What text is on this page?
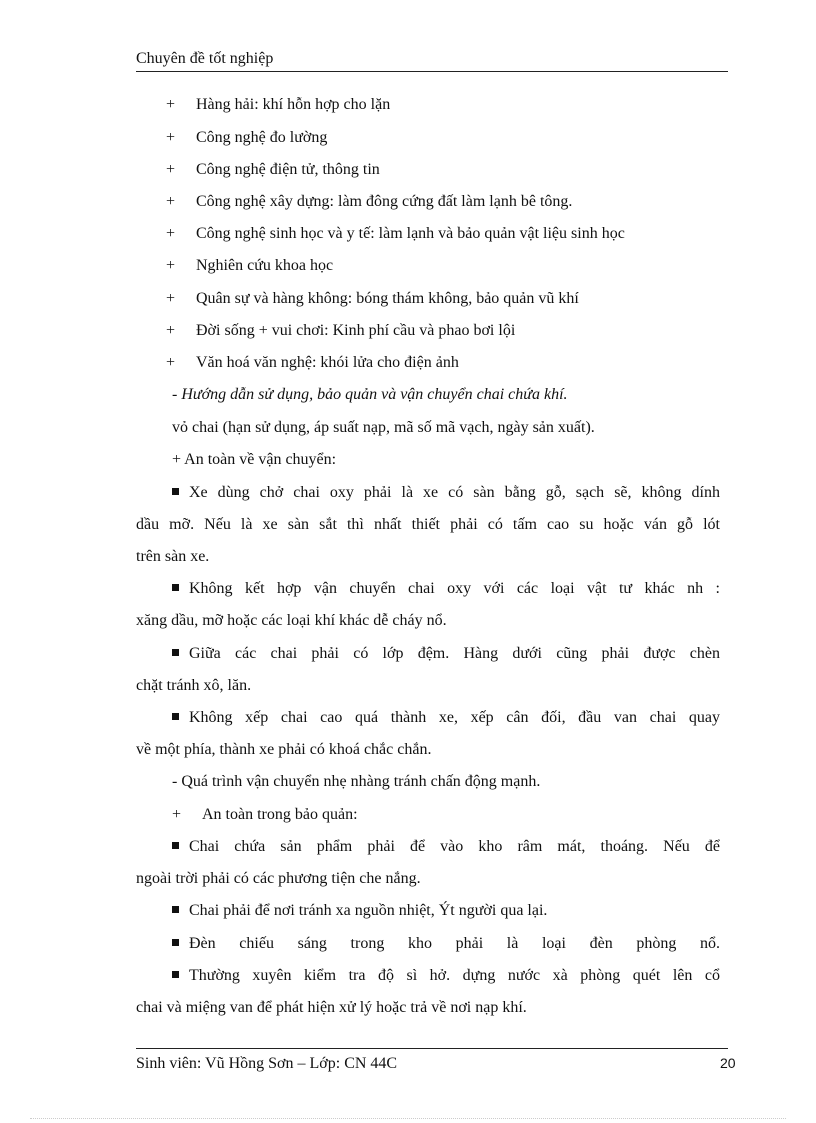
Chuyên đề tốt nghiệp
+ Hàng hải: khí hỗn hợp cho lặn
+ Công nghệ đo lường
+ Công nghệ điện tử, thông tin
+ Công nghệ xây dựng: làm đông cứng đất làm lạnh bê tông.
+ Công nghệ sinh học và y tế: làm lạnh và bảo quản vật liệu sinh học
+ Nghiên cứu khoa học
+ Quân sự và hàng không: bóng thám không, bảo quản vũ khí
+ Đời sống + vui chơi: Kinh phí cầu và phao bơi lội
+ Văn hoá văn nghệ: khói lửa cho điện ảnh
- Hướng dẫn sử dụng, bảo quản và vận chuyển chai chứa khí.
vỏ chai (hạn sử dụng, áp suất nạp, mã số mã vạch, ngày sản xuất).
+ An toàn về vận chuyển:
Xe dùng chở chai oxy phải là xe có sàn bằng gỗ, sạch sẽ, không dính
dầu mỡ. Nếu là xe sàn sắt thì nhất thiết phải có tấm cao su hoặc ván gỗ lót
trên sàn xe.
Không kết hợp vận chuyển chai oxy với các loại vật tư khác nh :
xăng dầu, mỡ hoặc các loại khí khác dễ cháy nổ.
Giữa các chai phải có lớp đệm. Hàng dưới cũng phải được chèn
chặt tránh xô, lăn.
Không xếp chai cao quá thành xe, xếp cân đối, đầu van chai quay
về một phía, thành xe phải có khoá chắc chắn.
- Quá trình vận chuyển nhẹ nhàng tránh chấn động mạnh.
+ An toàn trong bảo quản:
Chai chứa sản phẩm phải để vào kho râm mát, thoáng. Nếu để
ngoài trời phải có các phương tiện che nắng.
Chai phải để nơi tránh xa nguồn nhiệt, Ýt người qua lại.
Đèn chiếu sáng trong kho phải là loại đèn phòng nổ.
Thường xuyên kiểm tra độ sì hở. dựng nước xà phòng quét lên cổ
chai và miệng van để phát hiện xử lý hoặc trả về nơi nạp khí.
Sinh viên: Vũ Hồng Sơn – Lớp: CN 44C	20
